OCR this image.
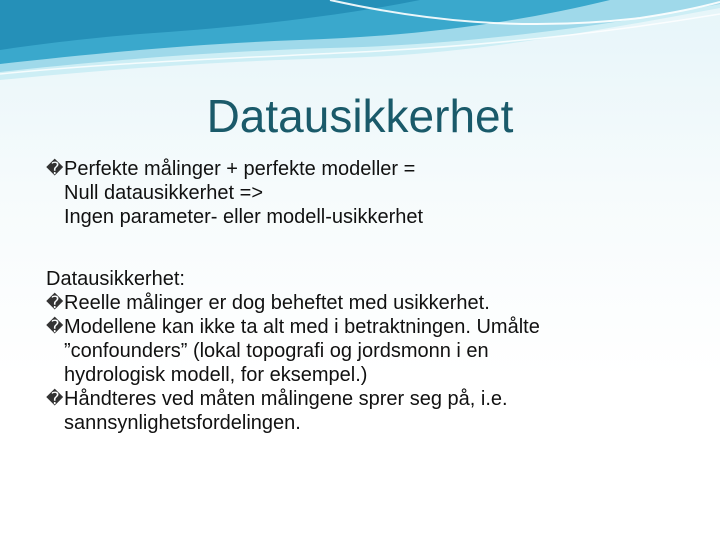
Datausikkerhet
� Perfekte målinger + perfekte modeller =
Null datausikkerhet =>
Ingen parameter- eller modell-usikkerhet
Datausikkerhet:
� Reelle målinger er dog beheftet med usikkerhet.
� Modellene kan ikke ta alt med i betraktningen. Umålte
”confounders” (lokal topografi og jordsmonn i en
hydrologisk modell, for eksempel.)
� Håndteres ved måten målingene sprer seg på, i.e.
sannsynlighetsfordelingen.
